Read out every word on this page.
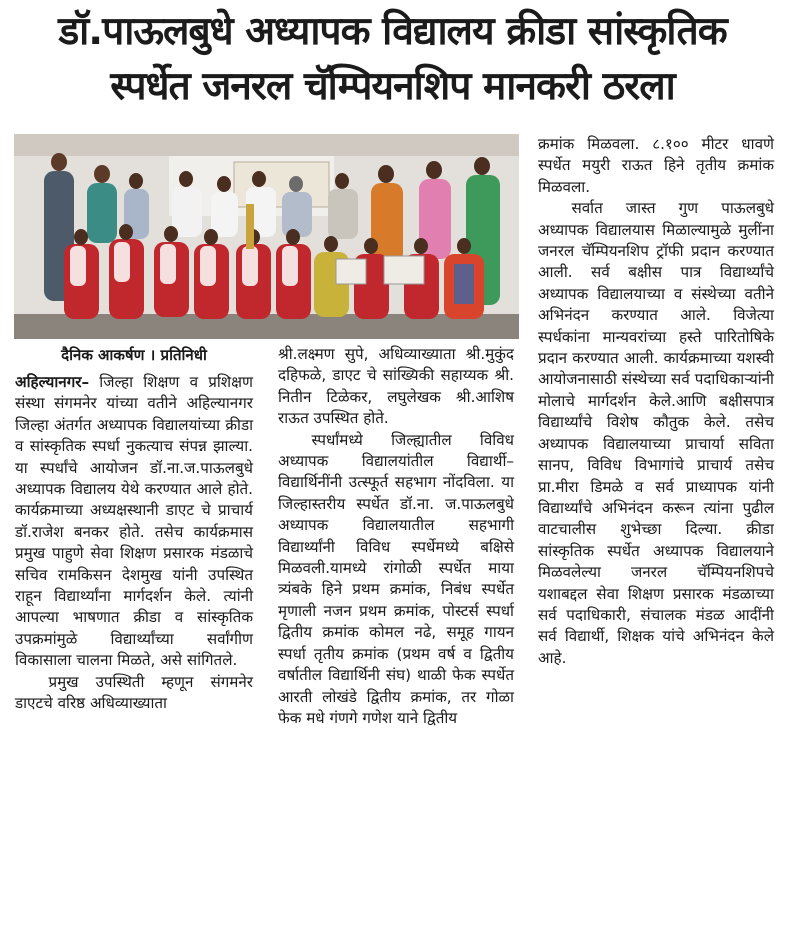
डॉ.पाऊलबुधे अध्यापक विद्यालय क्रीडा सांस्कृतिक
स्पर्धेत जनरल चॅम्पियनशिप मानकरी ठरला
दैनिक आकर्षण । प्रतिनिधी

अहिल्यानगर– जिल्हा शिक्षण व प्रशिक्षण संस्था संगमनेर यांच्या वतीने अहिल्यानगर जिल्हा अंतर्गत अध्यापक विद्यालयांच्या क्रीडा व सांस्कृतिक स्पर्धा नुकत्याच संपन्न झाल्या. या स्पर्धांचे आयोजन डॉ.ना.ज.पाऊलबुधे अध्यापक विद्यालय येथे करण्यात आले होते. कार्यक्रमाच्या अध्यक्षस्थानी डाएट चे प्राचार्य डॉ.राजेश बनकर होते. तसेच कार्यक्रमास प्रमुख पाहुणे सेवा शिक्षण प्रसारक मंडळाचे सचिव रामकिसन देशमुख यांनी उपस्थित राहून विद्यार्थ्यांना मार्गदर्शन केले. त्यांनी आपल्या भाषणात क्रीडा व सांस्कृतिक उपक्रमांमुळे विद्यार्थ्यांच्या सर्वांगीण विकासाला चालना मिळते, असे सांगितले.

प्रमुख उपस्थिती म्हणून संगमनेर डाएटचे वरिष्ठ अधिव्याख्याता

श्री.लक्ष्मण सुपे, अधिव्याख्याता श्री.मुकुंद दहिफळे, डाएट चे सांख्यिकी सहाय्यक श्री. नितीन टिळेकर, लघुलेखक श्री.आशिष राऊत उपस्थित होते.

स्पर्धांमध्ये जिल्ह्यातील विविध अध्यापक विद्यालयांतील विद्यार्थी–विद्यार्थिनींनी उत्स्फूर्त सहभाग नोंदविला. या जिल्हास्तरीय स्पर्धेत डॉ.ना. ज.पाऊलबुधे अध्यापक विद्यालयातील सहभागी विद्यार्थ्यांनी विविध स्पर्धेमध्ये बक्षिसे मिळवली.यामध्ये रांगोळी स्पर्धेत माया त्र्यंबके हिने प्रथम क्रमांक, निबंध स्पर्धेत मृणाली नजन प्रथम क्रमांक, पोस्टर्स स्पर्धा द्वितीय क्रमांक कोमल नढे, समूह गायन स्पर्धा तृतीय क्रमांक (प्रथम वर्ष व द्वितीय वर्षातील विद्यार्थिनी संघ) थाळी फेक स्पर्धेत आरती लोखंडे द्वितीय क्रमांक, तर गोळा फेक मधे गंणगे गणेश याने द्वितीय

क्रमांक मिळवला. ८.१०० मीटर धावणे स्पर्धेत मयुरी राऊत हिने तृतीय क्रमांक मिळवला.

सर्वात जास्त गुण पाऊलबुधे अध्यापक विद्यालयास मिळाल्यामुळे मुलींना जनरल चॅम्पियनशिप ट्रॉफी प्रदान करण्यात आली. सर्व बक्षीस पात्र विद्यार्थ्यांचे अध्यापक विद्यालयाच्या व संस्थेच्या वतीने अभिनंदन करण्यात आले. विजेत्या स्पर्धकांना मान्यवरांच्या हस्ते पारितोषिके प्रदान करण्यात आली. कार्यक्रमाच्या यशस्वी आयोजनासाठी संस्थेच्या सर्व पदाधिकाऱ्यांनी मोलाचे मार्गदर्शन केले.आणि बक्षीसपात्र विद्यार्थ्यांचे विशेष कौतुक केले. तसेच अध्यापक विद्यालयाच्या प्राचार्या सविता सानप, विविध विभागांचे प्राचार्य तसेच प्रा.मीरा डिमळे व सर्व प्राध्यापक यांनी विद्यार्थ्यांचे अभिनंदन करून त्यांना पुढील वाटचालीस शुभेच्छा दिल्या. क्रीडा सांस्कृतिक स्पर्धेत अध्यापक विद्यालयाने मिळवलेल्या जनरल चॅम्पियनशिपचे यशाबद्दल सेवा शिक्षण प्रसारक मंडळाच्या सर्व पदाधिकारी, संचालक मंडळ आदींनी सर्व विद्यार्थी, शिक्षक यांचे अभिनंदन केले आहे.
